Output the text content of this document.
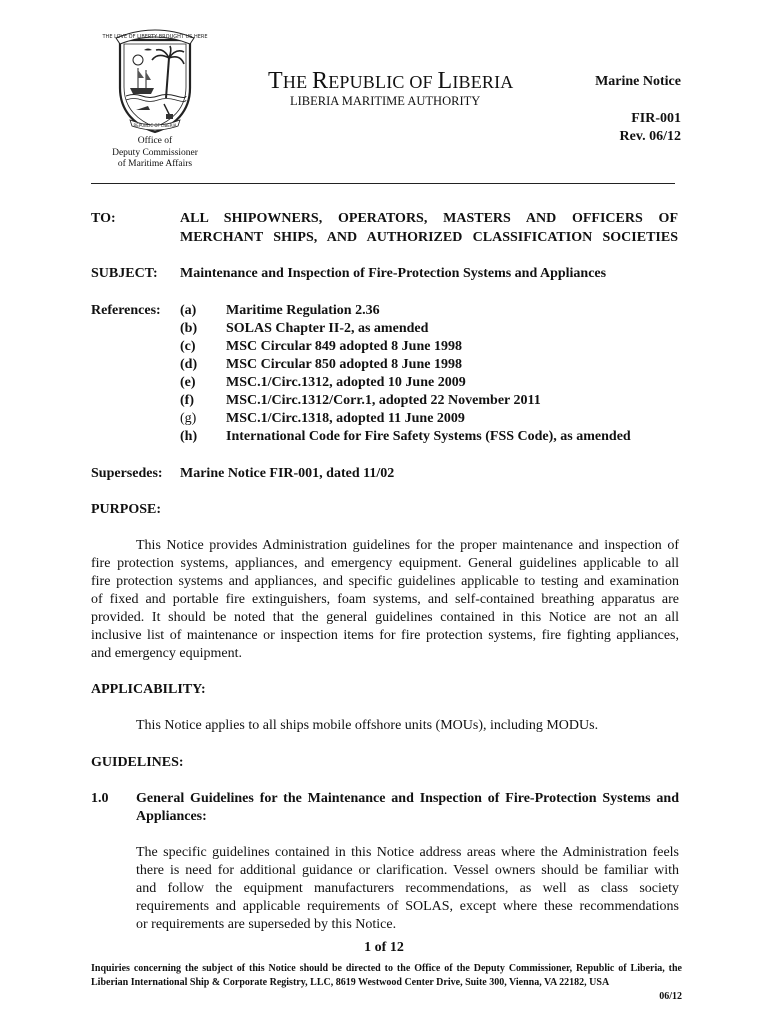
THE LOVE OF LIBERTY BROUGHT US HERE
REPUBLIC OF LIBERIA
Office of
Deputy Commissioner
of Maritime Affairs
THE REPUBLIC OF LIBERIA
LIBERIA MARITIME AUTHORITY
Marine Notice
FIR-001
Rev. 06/12
TO:	ALL SHIPOWNERS, OPERATORS, MASTERS AND OFFICERS OF
MERCHANT SHIPS, AND AUTHORIZED CLASSIFICATION SOCIETIES
SUBJECT: Maintenance and Inspection of Fire-Protection Systems and Appliances
References: (a) Maritime Regulation 2.36
(b) SOLAS Chapter II-2, as amended
(c) MSC Circular 849 adopted 8 June 1998
(d) MSC Circular 850 adopted 8 June 1998
(e) MSC.1/Circ.1312, adopted 10 June 2009
(f) MSC.1/Circ.1312/Corr.1, adopted 22 November 2011
(g) MSC.1/Circ.1318, adopted 11 June 2009
(h) International Code for Fire Safety Systems (FSS Code), as amended
Supersedes: Marine Notice FIR-001, dated 11/02
PURPOSE:
This Notice provides Administration guidelines for the proper maintenance and inspection of
fire protection systems, appliances, and emergency equipment. General guidelines applicable to all
fire protection systems and appliances, and specific guidelines applicable to testing and examination
of fixed and portable fire extinguishers, foam systems, and self-contained breathing apparatus are
provided. It should be noted that the general guidelines contained in this Notice are not an all
inclusive list of maintenance or inspection items for fire protection systems, fire fighting appliances,
and emergency equipment.
APPLICABILITY:
This Notice applies to all ships mobile offshore units (MOUs), including MODUs.
GUIDELINES:
1.0 General Guidelines for the Maintenance and Inspection of Fire-Protection Systems and
Appliances:
The specific guidelines contained in this Notice address areas where the Administration feels
there is need for additional guidance or clarification. Vessel owners should be familiar with
and follow the equipment manufacturers recommendations, as well as class society
requirements and applicable requirements of SOLAS, except where these recommendations
or requirements are superseded by this Notice.
1 of 12
Inquiries concerning the subject of this Notice should be directed to the Office of the Deputy Commissioner, Republic of Liberia, the Liberian International Ship & Corporate Registry, LLC, 8619 Westwood Center Drive, Suite 300, Vienna, VA 22182, USA
06/12
